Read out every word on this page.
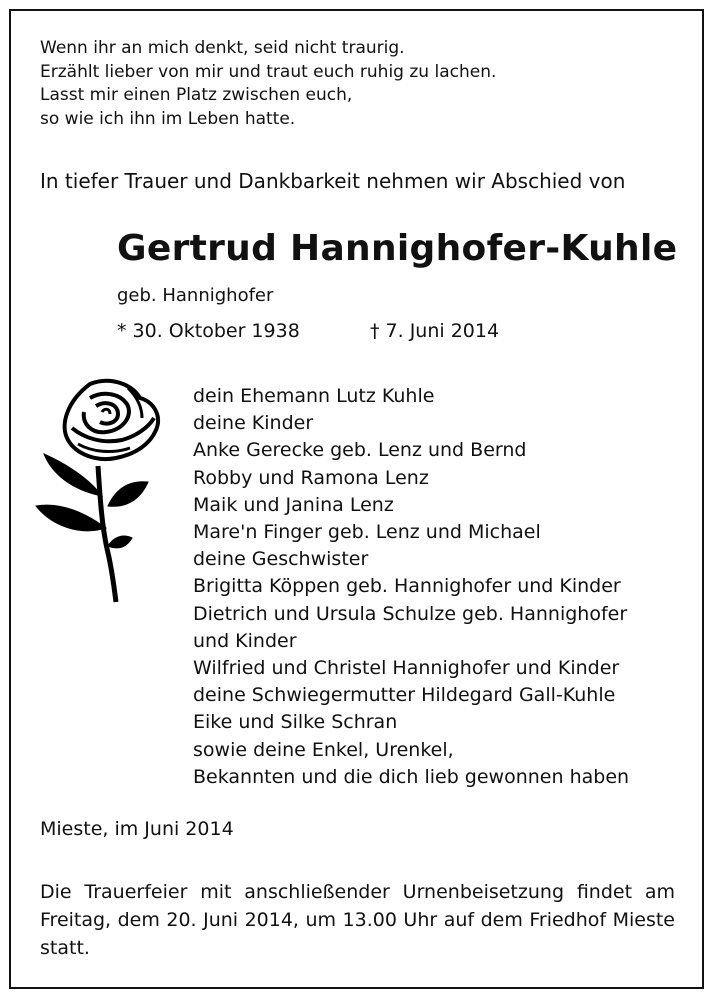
Wenn ihr an mich denkt, seid nicht traurig.
Erzählt lieber von mir und traut euch ruhig zu lachen.
Lasst mir einen Platz zwischen euch,
so wie ich ihn im Leben hatte.
In tiefer Trauer und Dankbarkeit nehmen wir Abschied von
Gertrud Hannighofer-Kuhle
geb. Hannighofer
* 30. Oktober 1938	† 7. Juni 2014
dein Ehemann Lutz Kuhle
deine Kinder
Anke Gerecke geb. Lenz und Bernd
Robby und Ramona Lenz
Maik und Janina Lenz
Mare'n Finger geb. Lenz und Michael
deine Geschwister
Brigitta Köppen geb. Hannighofer und Kinder
Dietrich und Ursula Schulze geb. Hannighofer
und Kinder
Wilfried und Christel Hannighofer und Kinder
deine Schwiegermutter Hildegard Gall-Kuhle
Eike und Silke Schran
sowie deine Enkel, Urenkel,
Bekannten und die dich lieb gewonnen haben
Mieste, im Juni 2014
Die Trauerfeier mit anschließender Urnenbeisetzung findet am Freitag, dem 20. Juni 2014, um 13.00 Uhr auf dem Friedhof Mieste statt.
